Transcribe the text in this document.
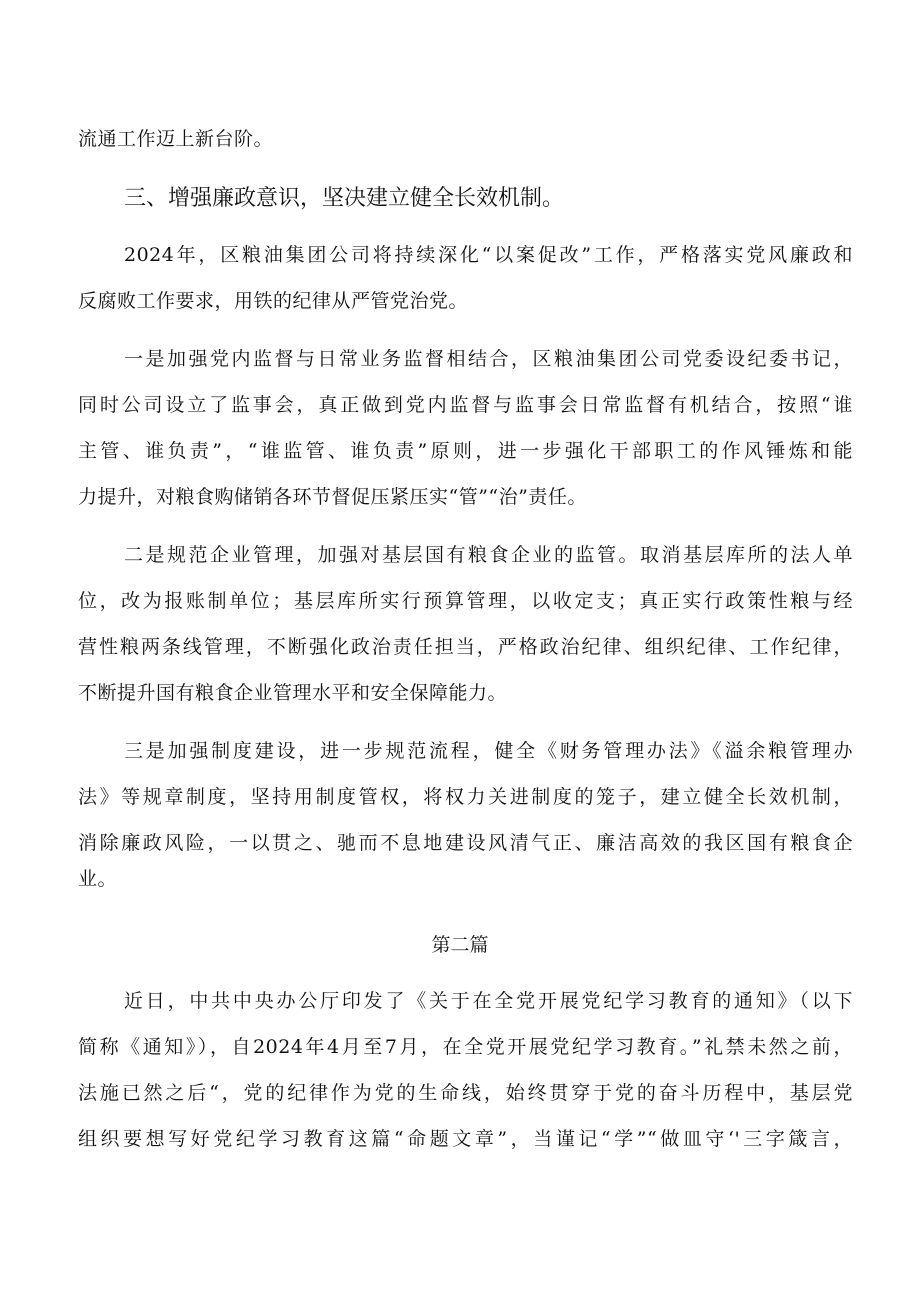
流通工作迈上新台阶。
三、增强廉政意识，坚决建立健全长效机制。
2024年，区粮油集团公司将持续深化“以案促改”工作，严格落实党风廉政和
反腐败工作要求，用铁的纪律从严管党治党。
一是加强党内监督与日常业务监督相结合，区粮油集团公司党委设纪委书记，
同时公司设立了监事会，真正做到党内监督与监事会日常监督有机结合，按照“谁
主管、谁负责”，“谁监管、谁负责”原则，进一步强化干部职工的作风锤炼和能
力提升，对粮食购储销各环节督促压紧压实“管”“治”责任。
二是规范企业管理，加强对基层国有粮食企业的监管。取消基层库所的法人单
位，改为报账制单位；基层库所实行预算管理，以收定支；真正实行政策性粮与经
营性粮两条线管理，不断强化政治责任担当，严格政治纪律、组织纪律、工作纪律，
不断提升国有粮食企业管理水平和安全保障能力。
三是加强制度建设，进一步规范流程，健全《财务管理办法》《溢余粮管理办
法》等规章制度，坚持用制度管权，将权力关进制度的笼子，建立健全长效机制，
消除廉政风险，一以贯之、驰而不息地建设风清气正、廉洁高效的我区国有粮食企
业。
第二篇
近日，中共中央办公厅印发了《关于在全党开展党纪学习教育的通知》（以下
简称《通知》），自2024年4月至7月，在全党开展党纪学习教育。”礼禁未然之前，
法施已然之后“，党的纪律作为党的生命线，始终贯穿于党的奋斗历程中，基层党
组织要想写好党纪学习教育这篇“命题文章”，当谨记“学”“做皿守‘'三字箴言，
